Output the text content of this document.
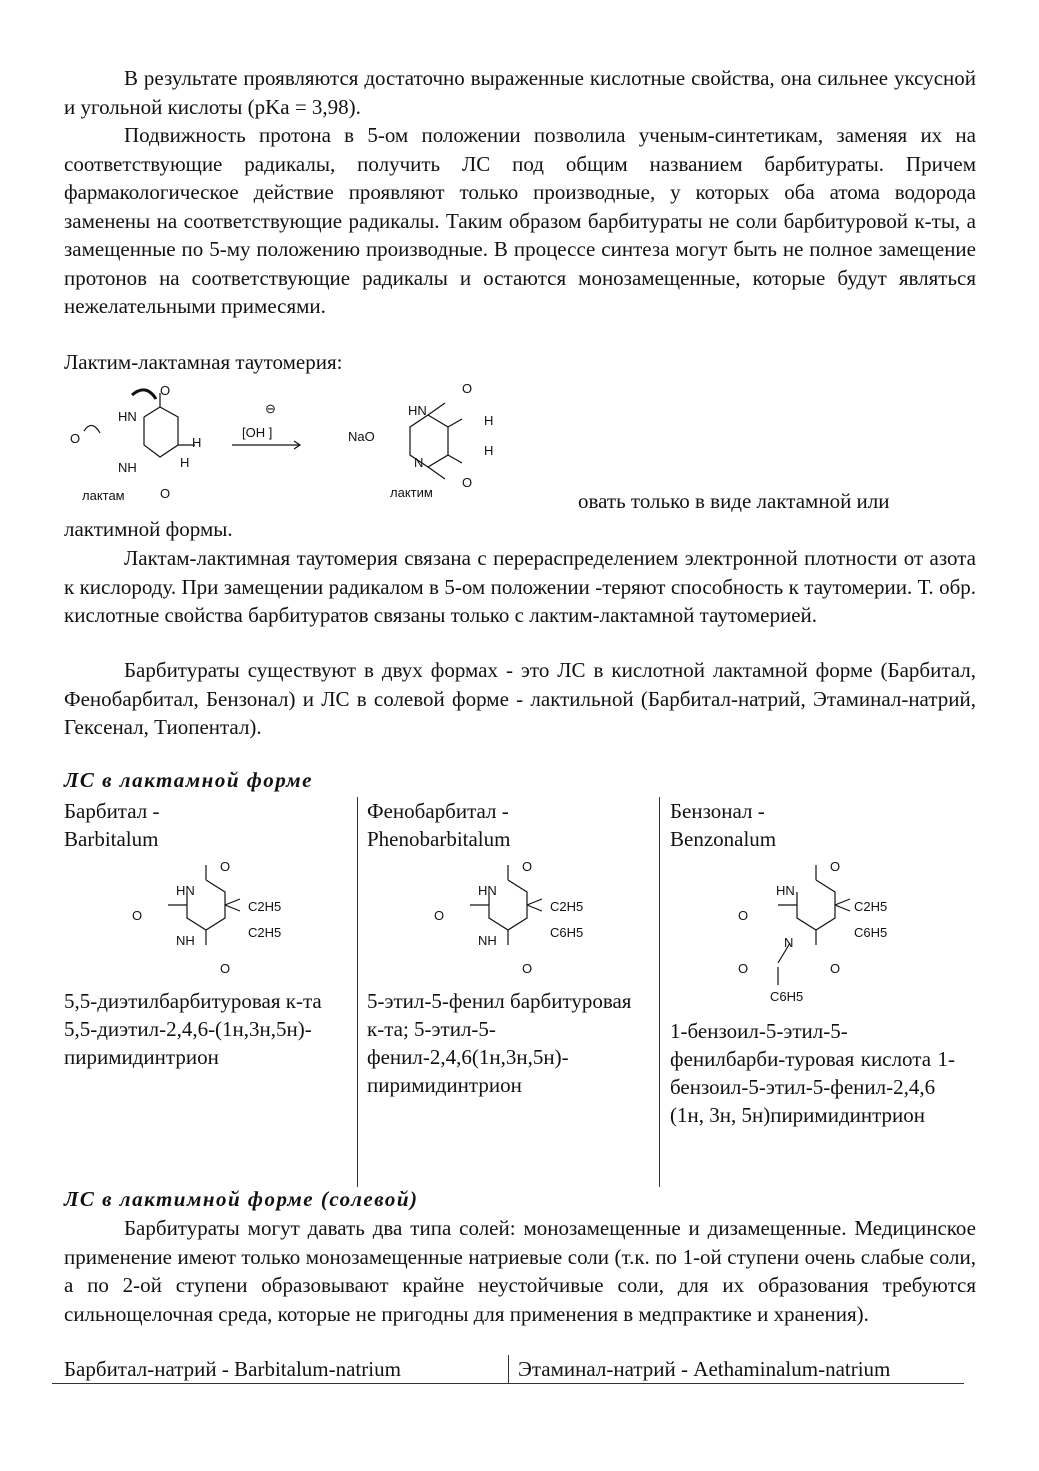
В результате проявляются достаточно выраженные кислотные свойства, она сильнее уксусной и угольной кислоты (pKa = 3,98).

Подвижность протона в 5-ом положении позволила ученым-синтетикам, заменяя их на соответствующие радикалы, получить ЛС под общим названием барбитураты. Причем фармакологическое действие проявляют только производные, у которых оба атома водорода заменены на соответствующие радикалы. Таким образом барбитураты не соли барбитуровой к-ты, а замещенные по 5-му положению производные. В процессе синтеза могут быть не полное замещение протонов на соответствующие радикалы и остаются монозамещенные, которые будут являться нежелательными примесями.

Лактим-лактамная таутомерия:

O
HN
NH
O
O
H
H
лактам
⊖
[OH ]
O
HN
NaO
N
O
H
H
лактим	овать только в виде лактамной или

лактимной формы.

Лактам-лактимная таутомерия связана с перераспределением электронной плотности от азота к кислороду. При замещении радикалом в 5-ом положении -теряют способность к таутомерии. Т. обр. кислотные свойства барбитуратов связаны только с лактим-лактамной таутомерией.

Барбитураты существуют в двух формах - это ЛС в кислотной лактамной форме (Барбитал, Фенобарбитал, Бензонал) и ЛС в солевой форме - лактильной (Барбитал-натрий, Этаминал-натрий, Гексенал, Тиопентал).

ЛС в лактамной форме
Барбитал -
Barbitalum
O
HN
NH
O
O
C2H5
C2H5
5,5-диэтилбарбитуровая к-та 5,5-диэтил-2,4,6-(1н,3н,5н)-пиримидинтрион
Фенобарбитал -
Phenobarbitalum
O
HN
NH
O
O
C2H5
C6H5
5-этил-5-фенил барбитуровая к-та; 5-этил-5-фенил-2,4,6(1н,3н,5н)-пиримидинтрион
Бензонал -
Benzonalum
O
HN
N
O
O
O
C2H5
C6H5
C6H5
1-бензоил-5-этил-5-фенилбарби-туровая кислота 1-бензоил-5-этил-5-фенил-2,4,6 (1н, 3н, 5н)пиримидинтрион
ЛС в лактимной форме (солевой)

Барбитураты могут давать два типа солей: монозамещенные и дизамещенные. Медицинское применение имеют только монозамещенные натриевые соли (т.к. по 1-ой ступени очень слабые соли, а по 2-ой ступени образовывают крайне неустойчивые соли, для их образования требуются сильнощелочная среда, которые не пригодны для применения в медпрактике и хранения).

Барбитал-натрий - Barbitalum-natrium	Этаминал-натрий - Aethaminalum-natrium
